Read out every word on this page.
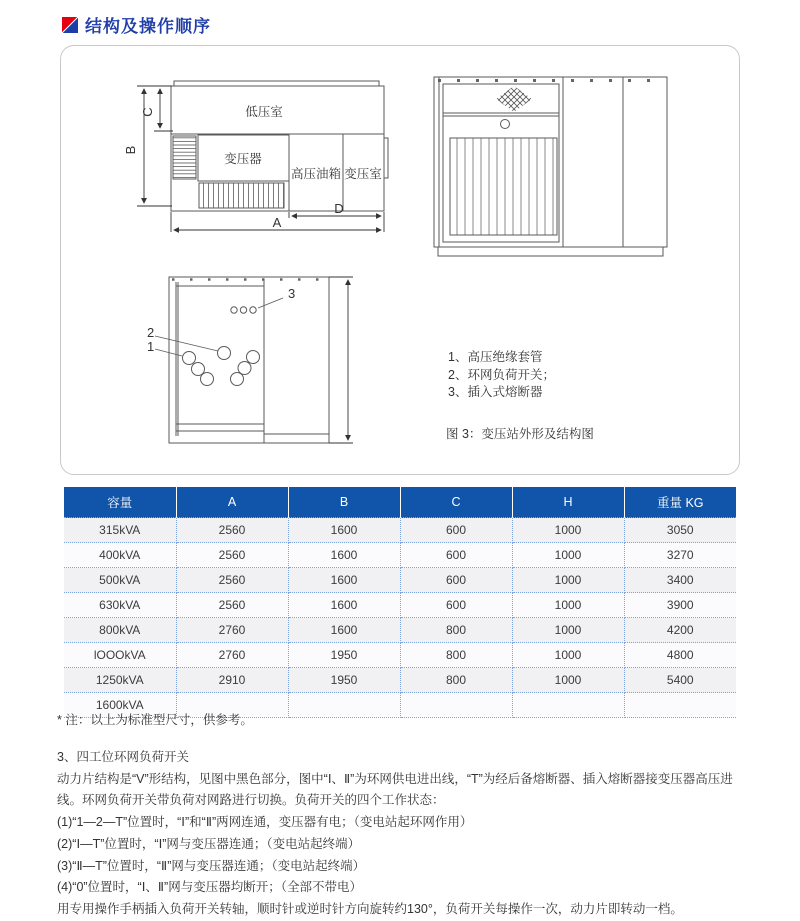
结构及操作顺序
低压室
变压器
高压油箱 变压室
B
C
D
A
3
2
1

1、高压绝缘套管

2、环网负荷开关；

3、插入式熔断器

图 3：变压站外形及结构图
容量	A	B	C	H	重量 KG
315kVA	2560	1600	600	1000	3050
400kVA	2560	1600	600	1000	3270
500kVA	2560	1600	600	1000	3400
630kVA	2560	1600	600	1000	3900
800kVA	2760	1600	800	1000	4200
lOOOkVA	2760	1950	800	1000	4800
1250kVA	2910	1950	800	1000	5400
1600kVA					
* 注：以上为标准型尺寸，供参考。

3、四工位环网负荷开关

动力片结构是“V”形结构，见图中黑色部分，图中“Ⅰ、Ⅱ”为环网供电进出线，“T”为经后备熔断器、插入熔断器接变压器高压进线。环网负荷开关带负荷对网路进行切换。负荷开关的四个工作状态：

(1)“1—2—T”位置时，“Ⅰ”和“Ⅱ”两网连通，变压器有电；（变电站起环网作用）

(2)“Ⅰ—T”位置时，“Ⅰ”网与变压器连通；（变电站起终端）

(3)“Ⅱ—T”位置时，“Ⅱ”网与变压器连通；（变电站起终端）

(4)“0”位置时，“Ⅰ、Ⅱ”网与变压器均断开；（全部不带电）

用专用操作手柄插入负荷开关转轴，顺时针或逆时针方向旋转约130°，负荷开关每操作一次，动力片即转动一档。
